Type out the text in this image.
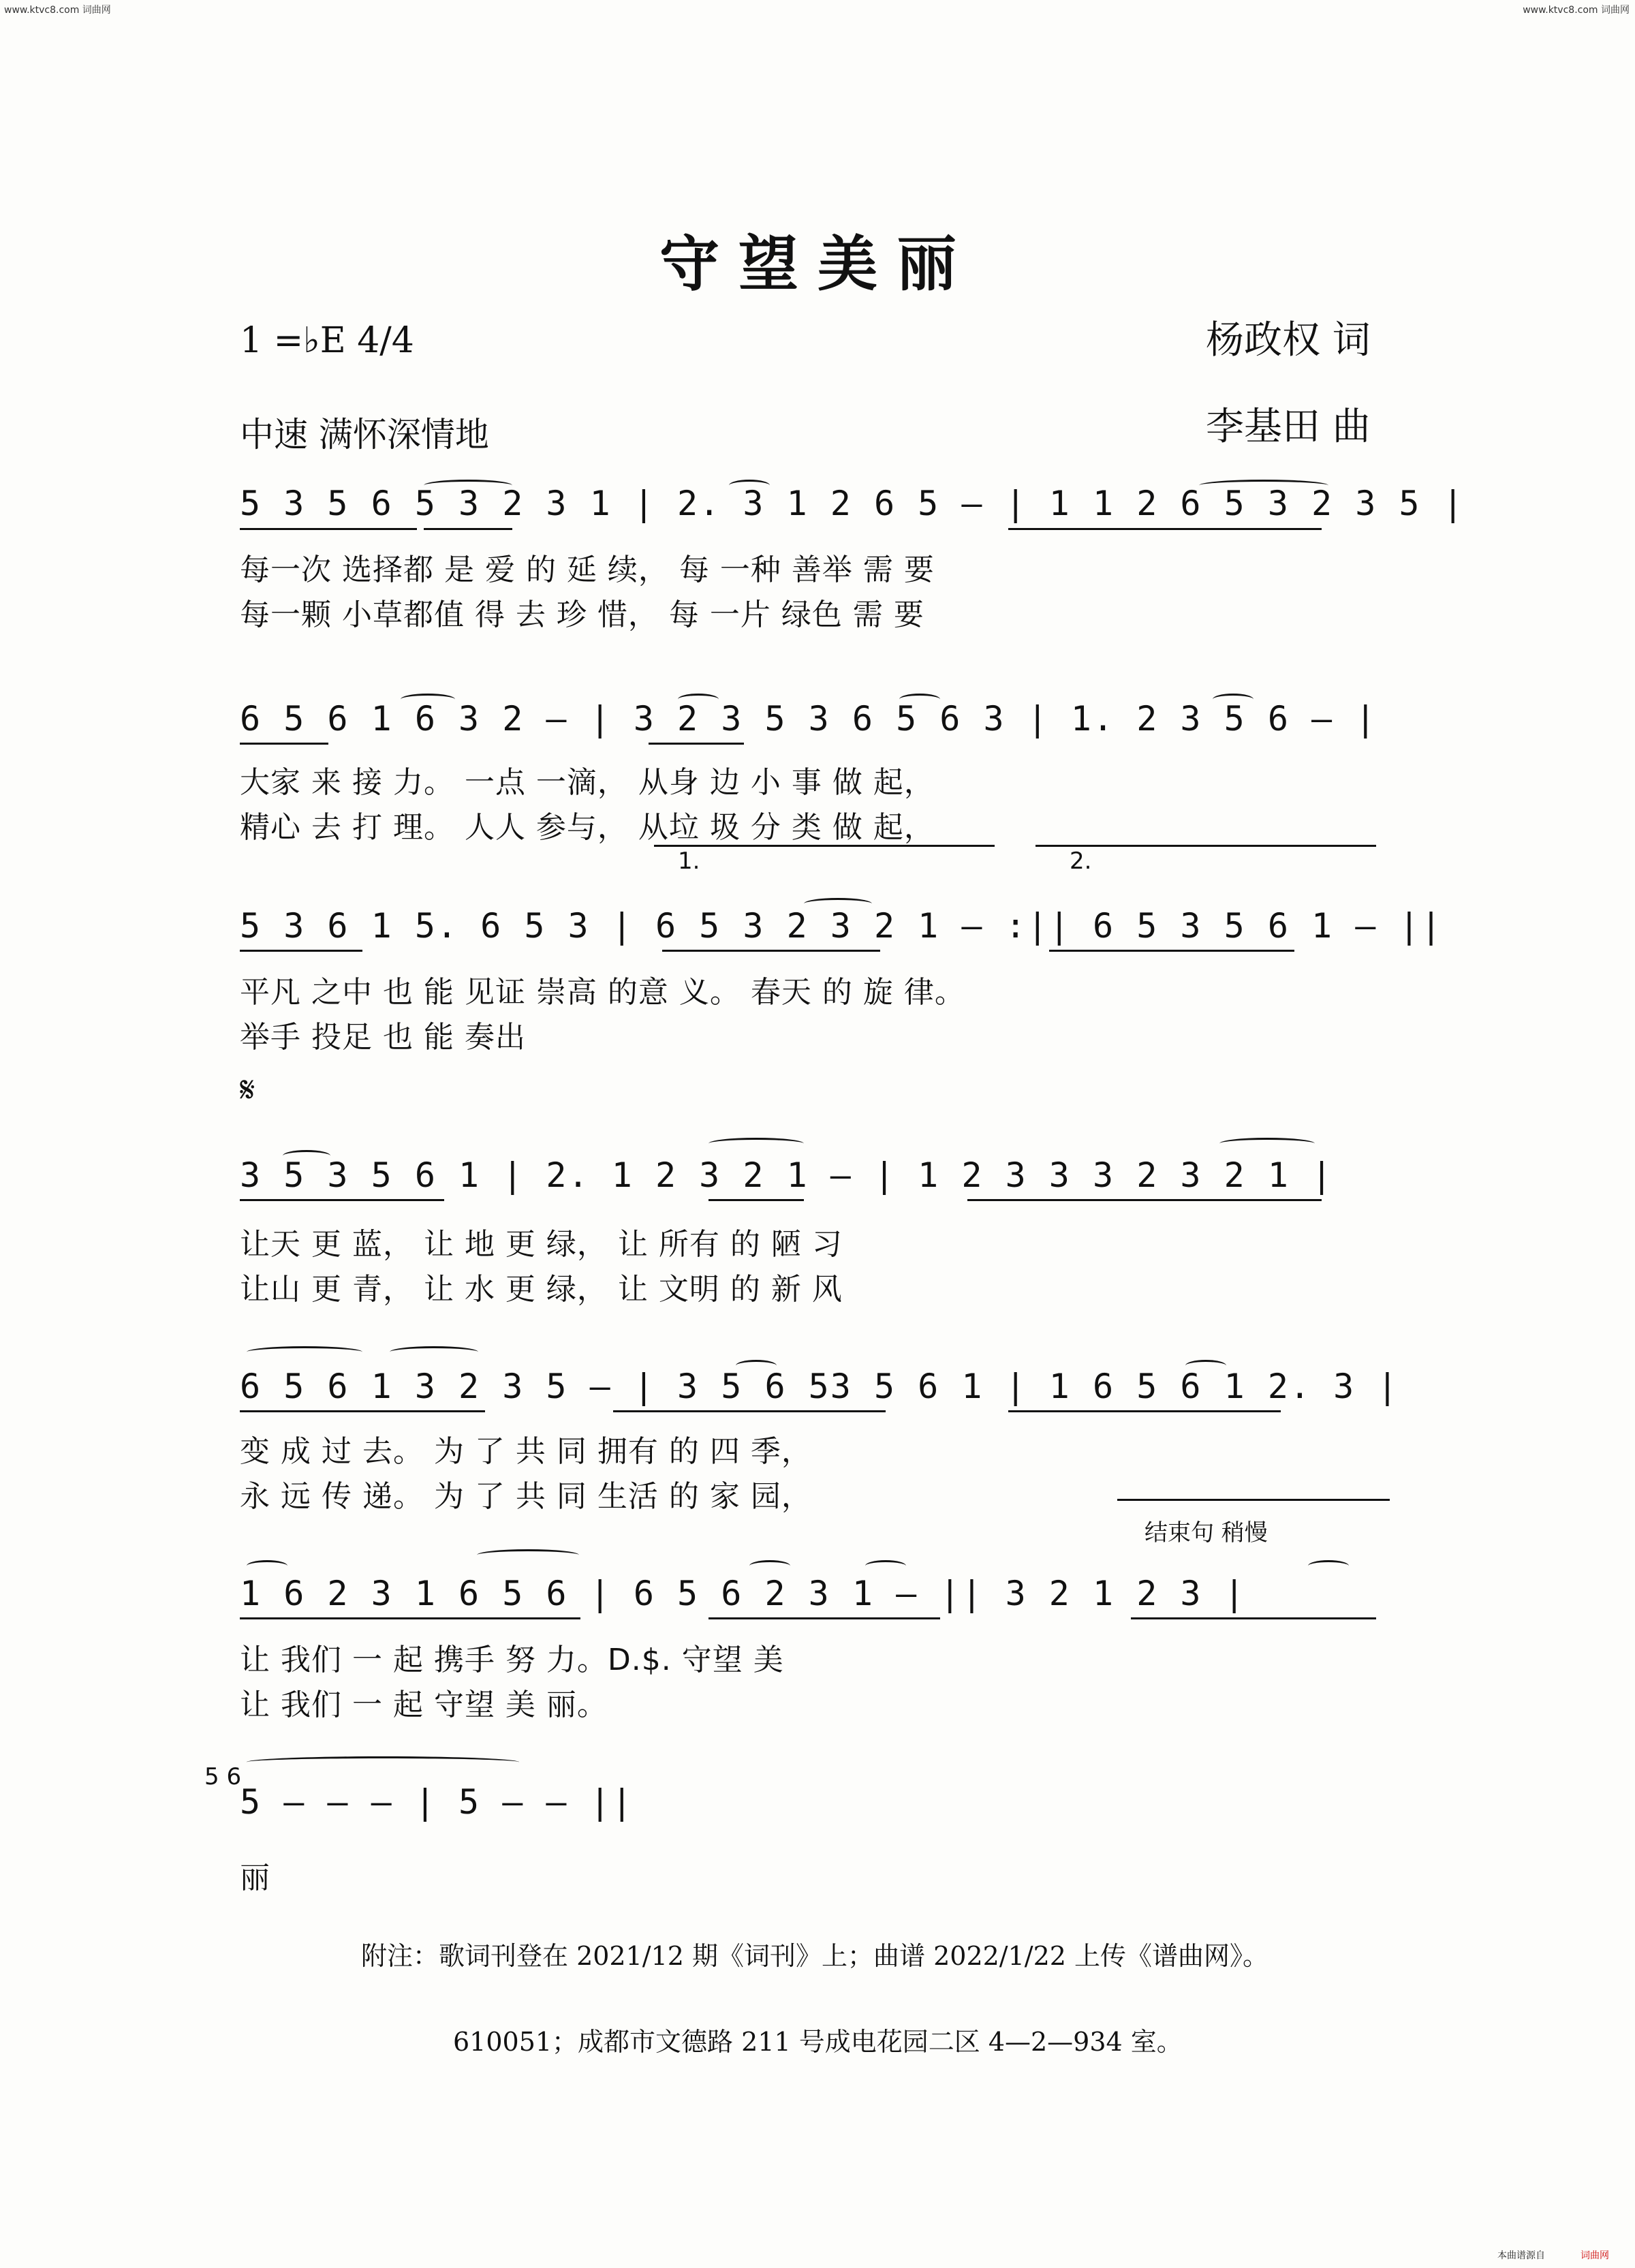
www.ktvc8.com 词曲网	www.ktvc8.com 词曲网
守望美丽
1 =♭E 4/4	杨政权 词
中速 满怀深情地	李基田 曲
5 3 5 6 5 3 2 3 1 | 2. 3 1 2 6 5 — | 1 1 2 6 5 3 2 3 5 |
每一次 选择都 是 爱 的 延 续， 每 一种 善举 需 要
每一颗 小草都值 得 去 珍 惜， 每 一片 绿色 需 要
6 5 6 1 6 3 2 — | 3 2 3 5 3 6 5 6 3 | 1. 2 3 5 6 — |
大家 来 接 力。 一点 一滴， 从身 边 小 事 做 起，
精心 去 打 理。 人人 参与， 从垃 圾 分 类 做 起，
1.	2.
5 3 6 1 5. 6 5 3 | 6 5 3 2 3 2 1 — :|| 6 5 3 5 6 1 — ||
平凡 之中 也 能 见证 崇高 的意 义。 春天 的 旋 律。
举手 投足 也 能 奏出
𝄋
3 5 3 5 6 1 | 2. 1 2 3 2 1 — | 1 2 3 3 3 2 3 2 1 |
让天 更 蓝， 让 地 更 绿， 让 所有 的 陋 习
让山 更 青， 让 水 更 绿， 让 文明 的 新 风
6 5 6 1 3 2 3 5 — | 3 5 6 53 5 6 1 | 1 6 5 6 1 2. 3 |
变 成 过 去。 为 了 共 同 拥有 的 四 季，
永 远 传 递。 为 了 共 同 生活 的 家 园，
结束句 稍慢
1 6 2 3 1 6 5 6 | 6 5 6 2 3 1 — || 3 2 1 2 3 |
让 我们 一 起 携手 努 力。D.$. 守望 美
让 我们 一 起 守望 美 丽。
5 6
5 — — — | 5 — — ||
丽
附注：歌词刊登在 2021/12 期《词刊》上；曲谱 2022/1/22 上传《谱曲网》。
610051；成都市文德路 211 号成电花园二区 4—2—934 室。
本曲谱源自	词曲网
